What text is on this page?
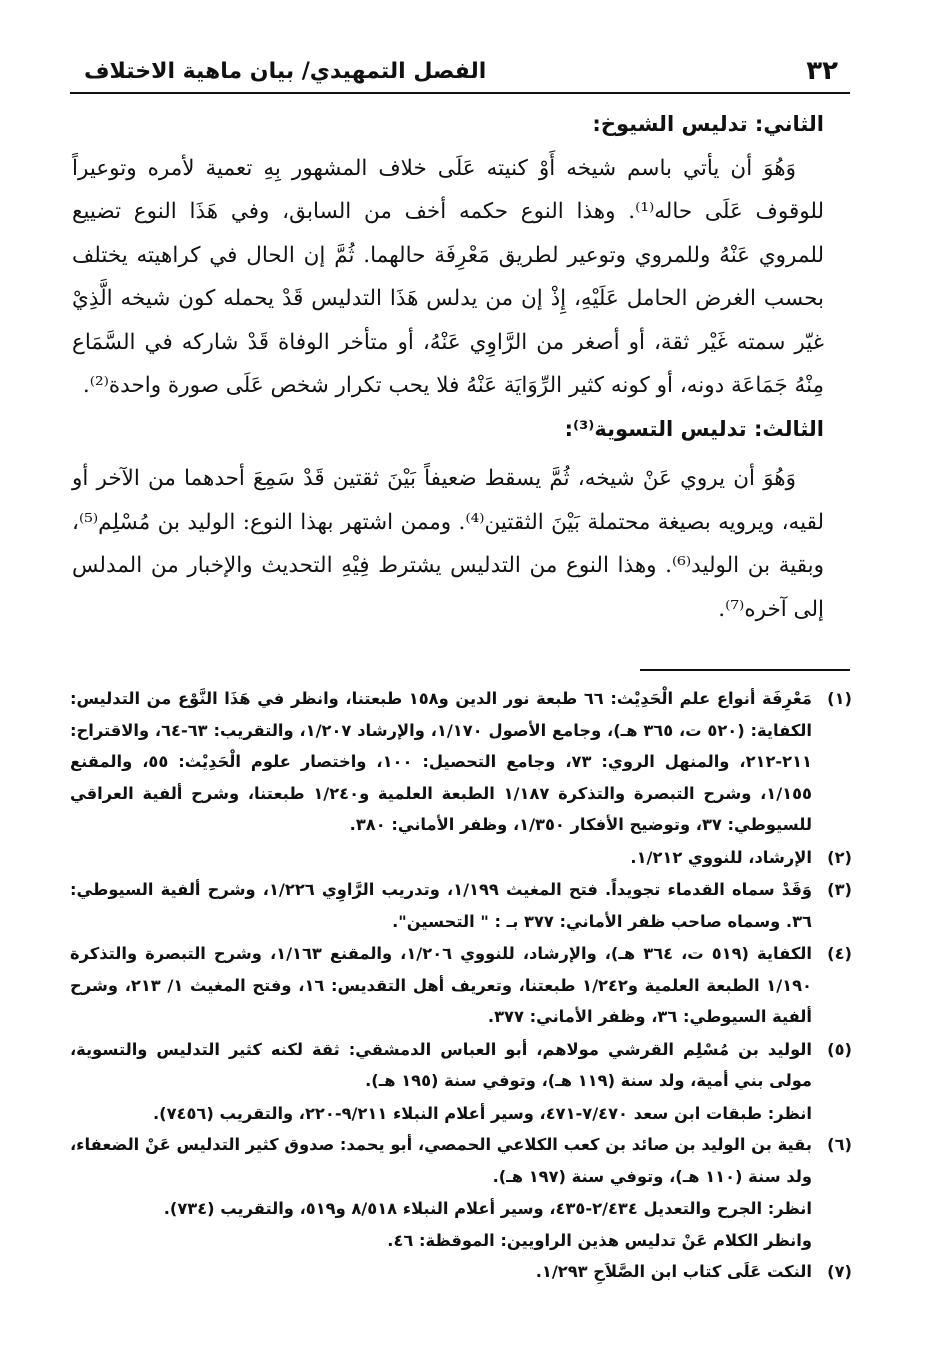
٣٢
الفصل التمهيدي/ بيان ماهية الاختلاف

الثاني: تدليس الشيوخ:

وَهُوَ أن يأتي باسم شيخه أَوْ كنيته عَلَى خلاف المشهور بِهِ تعمية لأمره وتوعيراً للوقوف عَلَى حاله⁽¹⁾. وهذا النوع حكمه أخف من السابق، وفي هَذَا النوع تضييع للمروي عَنْهُ وللمروي وتوعير لطريق مَعْرِفَة حالهما. ثُمَّ إن الحال في كراهيته يختلف بحسب الغرض الحامل عَلَيْهِ، إِذْ إن من يدلس هَذَا التدليس قَدْ يحمله كون شيخه الَّذِيْ غيّر سمته غَيْر ثقة، أو أصغر من الرَّاوِي عَنْهُ، أو متأخر الوفاة قَدْ شاركه في السَّمَاع مِنْهُ جَمَاعَة دونه، أو كونه كثير الرِّوَايَة عَنْهُ فلا يحب تكرار شخص عَلَى صورة واحدة⁽²⁾.

الثالث: تدليس التسوية⁽³⁾:

وَهُوَ أن يروي عَنْ شيخه، ثُمَّ يسقط ضعيفاً بَيْنَ ثقتين قَدْ سَمِعَ أحدهما من الآخر أو لقيه، ويرويه بصيغة محتملة بَيْنَ الثقتين⁽⁴⁾. وممن اشتهر بهذا النوع: الوليد بن مُسْلِم⁽⁵⁾، وبقية بن الوليد⁽⁶⁾. وهذا النوع من التدليس يشترط فِيْهِ التحديث والإخبار من المدلس إلى آخره⁽⁷⁾.

(١)

مَعْرِفَة أنواع علم الْحَدِيْث: ٦٦ طبعة نور الدين و١٥٨ طبعتنا، وانظر في هَذَا النَّوْع من التدليس: الكفاية: (٥٢٠ ت، ٣٦٥ هـ)، وجامع الأصول ١/١٧٠، والإرشاد ١/٢٠٧، والتقريب: ٦٣-٦٤، والاقتراح: ٢١١-٢١٢، والمنهل الروي: ٧٣، وجامع التحصيل: ١٠٠، واختصار علوم الْحَدِيْث: ٥٥، والمقنع ١/١٥٥، وشرح التبصرة والتذكرة ١/١٨٧ الطبعة العلمية و١/٢٤٠ طبعتنا، وشرح ألفية العراقي للسيوطي: ٣٧، وتوضيح الأفكار ١/٣٥٠، وظفر الأماني: ٣٨٠.

(٢)

الإرشاد، للنووي ١/٢١٢.

(٣)

وَقَدْ سماه القدماء تجويداً. فتح المغيث ١/١٩٩، وتدريب الرَّاوِي ١/٢٢٦، وشرح ألفية السيوطي: ٣٦. وسماه صاحب ظفر الأماني: ٣٧٧ بـ : " التحسين".

(٤)

الكفاية (٥١٩ ت، ٣٦٤ هـ)، والإرشاد، للنووي ١/٢٠٦، والمقنع ١/١٦٣، وشرح التبصرة والتذكرة ١/١٩٠ الطبعة العلمية و١/٢٤٢ طبعتنا، وتعريف أهل التقديس: ١٦، وفتح المغيث ١/ ٢١٣، وشرح ألفية السيوطي: ٣٦، وظفر الأماني: ٣٧٧.

(٥)

الوليد بن مُسْلِم القرشي مولاهم، أبو العباس الدمشقي: ثقة لكنه كثير التدليس والتسوية، مولى بني أمية، ولد سنة (١١٩ هـ)، وتوفي سنة (١٩٥ هـ).

انظر: طبقات ابن سعد ٧/٤٧٠-٤٧١، وسير أعلام النبلاء ٩/٢١١-٢٢٠، والتقريب (٧٤٥٦).

(٦)

بقية بن الوليد بن صائد بن كعب الكلاعي الحمصي، أبو يحمد: صدوق كثير التدليس عَنْ الضعفاء، ولد سنة (١١٠ هـ)، وتوفي سنة (١٩٧ هـ).

انظر: الجرح والتعديل ٢/٤٣٤-٤٣٥، وسير أعلام النبلاء ٨/٥١٨ و٥١٩، والتقريب (٧٣٤).

وانظر الكلام عَنْ تدليس هذين الراويين: الموقظة: ٤٦.

(٧)

النكت عَلَى كتاب ابن الصَّلاَحِ ١/٢٩٣.
